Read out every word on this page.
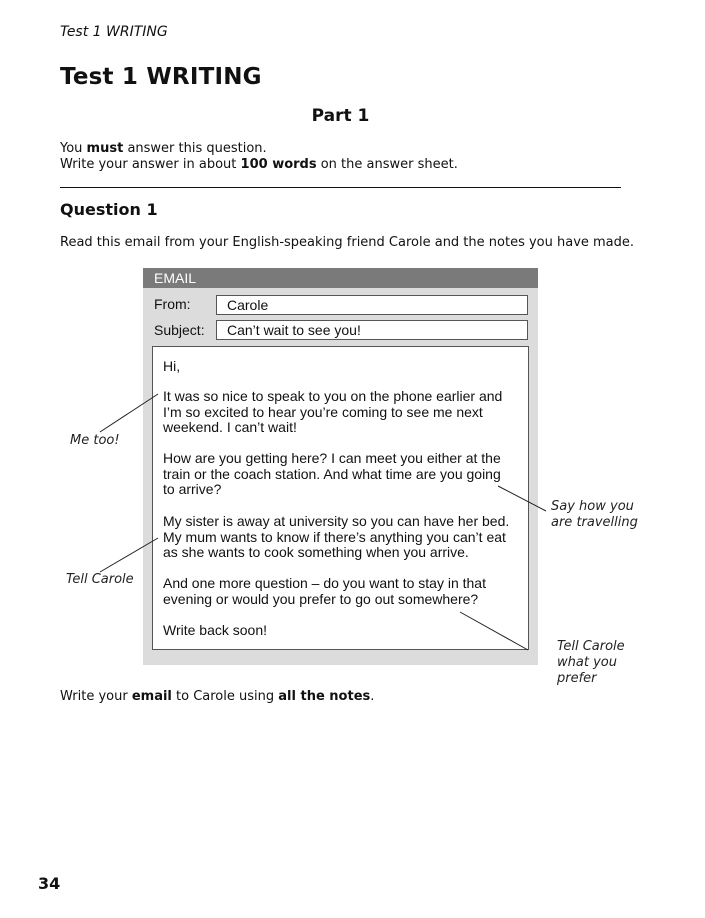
Test 1 WRITING
Test 1 WRITING
Part 1
You must answer this question.
Write your answer in about 100 words on the answer sheet.
Question 1
Read this email from your English-speaking friend Carole and the notes you have made.
EMAIL
From:	Carole
Subject:	Can’t wait to see you!

Hi,

It was so nice to speak to you on the phone earlier and
I’m so excited to hear you’re coming to see me next
weekend. I can’t wait!

How are you getting here? I can meet you either at the
train or the coach station. And what time are you going
to arrive?

My sister is away at university so you can have her bed.
My mum wants to know if there’s anything you can’t eat
as she wants to cook something when you arrive.

And one more question – do you want to stay in that
evening or would you prefer to go out somewhere?

Write back soon!

Me too!
Say how you
are travelling
Tell Carole
Tell Carole
what you
prefer
Write your email to Carole using all the notes.
34
